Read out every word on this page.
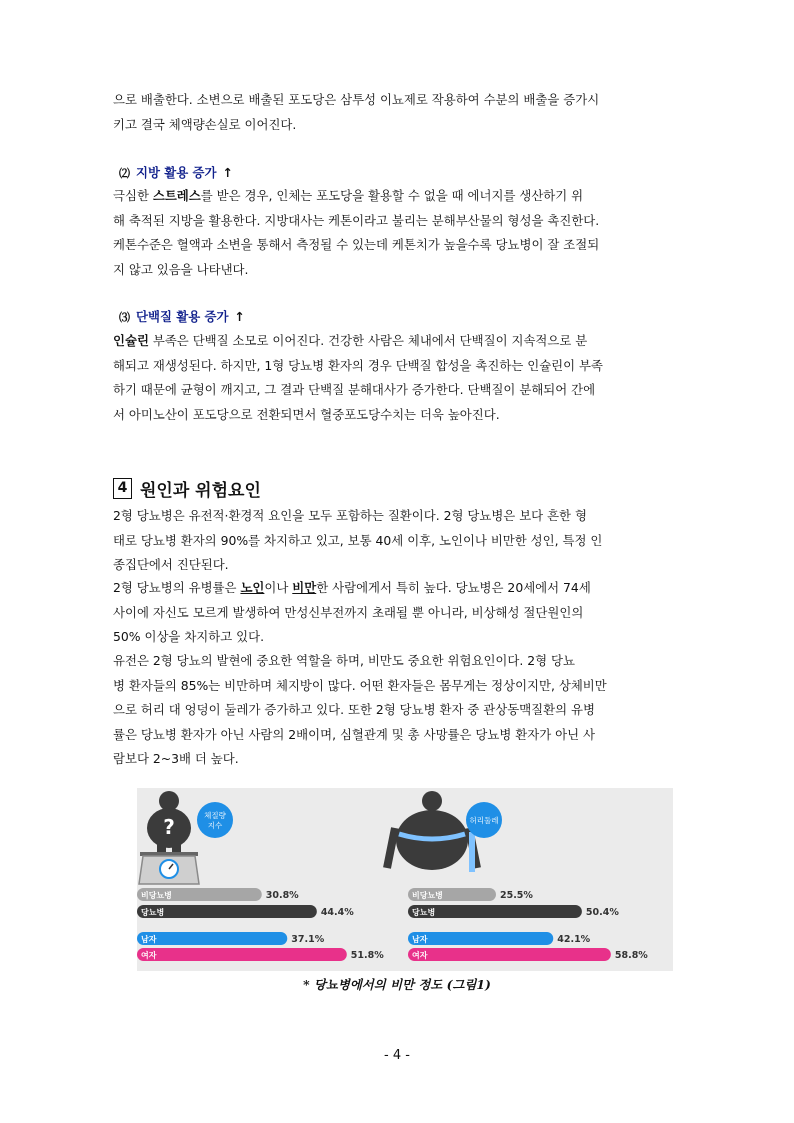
으로 배출한다. 소변으로 배출된 포도당은 삼투성 이뇨제로 작용하여 수분의 배출을 증가시
키고 결국 체액량손실로 이어진다.
⑵ 지방 활용 증가 ↑
극심한 스트레스를 받은 경우, 인체는 포도당을 활용할 수 없을 때 에너지를 생산하기 위
해 축적된 지방을 활용한다. 지방대사는 케톤이라고 불리는 분해부산물의 형성을 촉진한다.
케톤수준은 혈액과 소변을 통해서 측정될 수 있는데 케톤치가 높을수록 당뇨병이 잘 조절되
지 않고 있음을 나타낸다.
⑶ 단백질 활용 증가 ↑
인슐린 부족은 단백질 소모로 이어진다. 건강한 사람은 체내에서 단백질이 지속적으로 분
해되고 재생성된다. 하지만, 1형 당뇨병 환자의 경우 단백질 합성을 촉진하는 인슐린이 부족
하기 때문에 균형이 깨지고, 그 결과 단백질 분해대사가 증가한다. 단백질이 분해되어 간에
서 아미노산이 포도당으로 전환되면서 혈중포도당수치는 더욱 높아진다.
4 원인과 위험요인
2형 당뇨병은 유전적·환경적 요인을 모두 포함하는 질환이다. 2형 당뇨병은 보다 흔한 형
태로 당뇨병 환자의 90%를 차지하고 있고, 보통 40세 이후, 노인이나 비만한 성인, 특정 인
종집단에서 진단된다.
2형 당뇨병의 유병률은 노인이나 비만한 사람에게서 특히 높다. 당뇨병은 20세에서 74세
사이에 자신도 모르게 발생하여 만성신부전까지 초래될 뿐 아니라, 비상해성 절단원인의
50% 이상을 차지하고 있다.
유전은 2형 당뇨의 발현에 중요한 역할을 하며, 비만도 중요한 위험요인이다. 2형 당뇨
병 환자들의 85%는 비만하며 체지방이 많다. 어떤 환자들은 몸무게는 정상이지만, 상체비만
으로 허리 대 엉덩이 둘레가 증가하고 있다. 또한 2형 당뇨병 환자 중 관상동맥질환의 유병
률은 당뇨병 환자가 아닌 사람의 2배이며, 심혈관계 및 총 사망률은 당뇨병 환자가 아닌 사
람보다 2~3배 더 높다.
?	체질량
지수
허리둘레
비당뇨병	30.8%
당뇨병	44.4%
남자	37.1%
여자	51.8%
비당뇨병	25.5%
당뇨병	50.4%
남자	42.1%
여자	58.8%
* 당뇨병에서의 비만 정도 (그림1)
- 4 -
